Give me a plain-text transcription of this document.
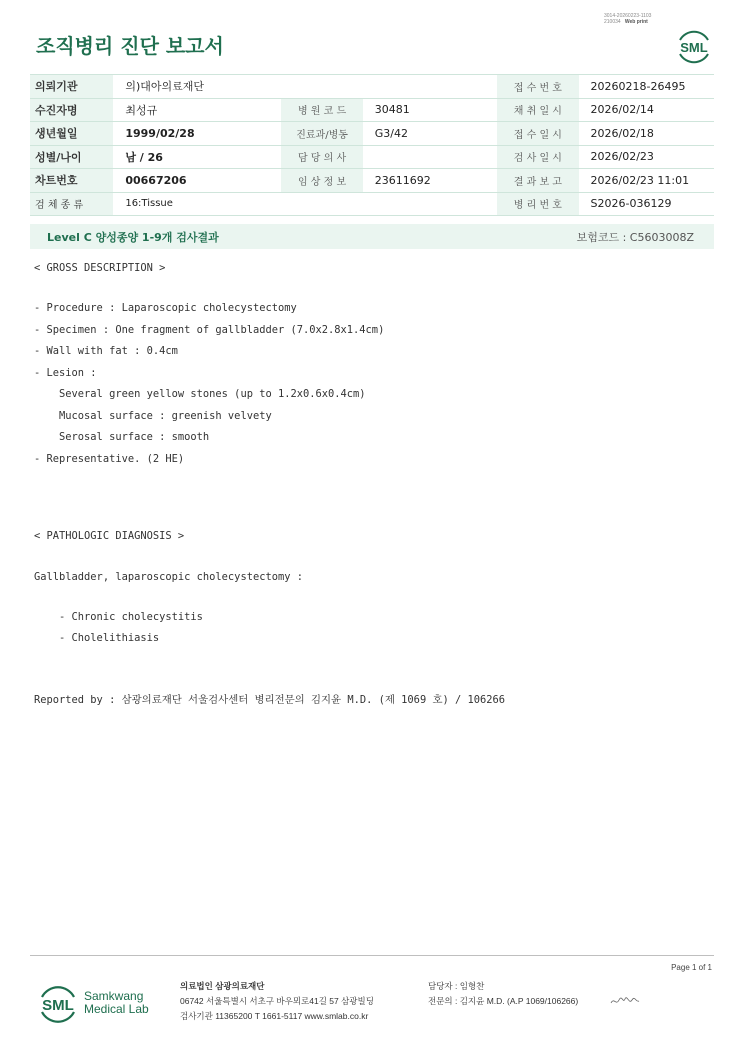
3014-20260223-1103
210034 Web print
조직병리 진단 보고서	SML
의뢰기관	의)대아의료재단			접 수 번 호	20260218-26495
수진자명	최성규	병 원 코 드	30481	채 취 일 시	2026/02/14
생년월일	1999/02/28	진료과/병동	G3/42	접 수 일 시	2026/02/18
성별/나이	남 / 26	담 당 의 사		검 사 일 시	2026/02/23
차트번호	00667206	임 상 정 보	23611692	결 과 보 고	2026/02/23 11:01
검 체 종 류	16:Tissue			병 리 번 호	S2026-036129
Level C 양성종양 1-9개 검사결과	보험코드 : C5603008Z
< GROSS DESCRIPTION >
- Procedure : Laparoscopic cholecystectomy
- Specimen : One fragment of gallbladder (7.0x2.8x1.4cm)
- Wall with fat : 0.4cm
- Lesion :
Several green yellow stones (up to 1.2x0.6x0.4cm)
Mucosal surface : greenish velvety
Serosal surface : smooth
- Representative. (2 HE)
< PATHOLOGIC DIAGNOSIS >
Gallbladder, laparoscopic cholecystectomy :
- Chronic cholecystitis
- Cholelithiasis
Reported by : 삼광의료재단 서울검사센터 병리전문의 김지윤 M.D. (제 1069 호) / 106266
Page 1 of 1
SML
Samkwang
Medical Lab
의료법인 삼광의료재단
06742 서울특별시 서초구 바우뫼로41길 57 삼광빌딩
검사기관 11365200 T 1661-5117 www.smlab.co.kr
담당자 : 임형찬
전문의 : 김지윤 M.D. (A.P 1069/106266)
